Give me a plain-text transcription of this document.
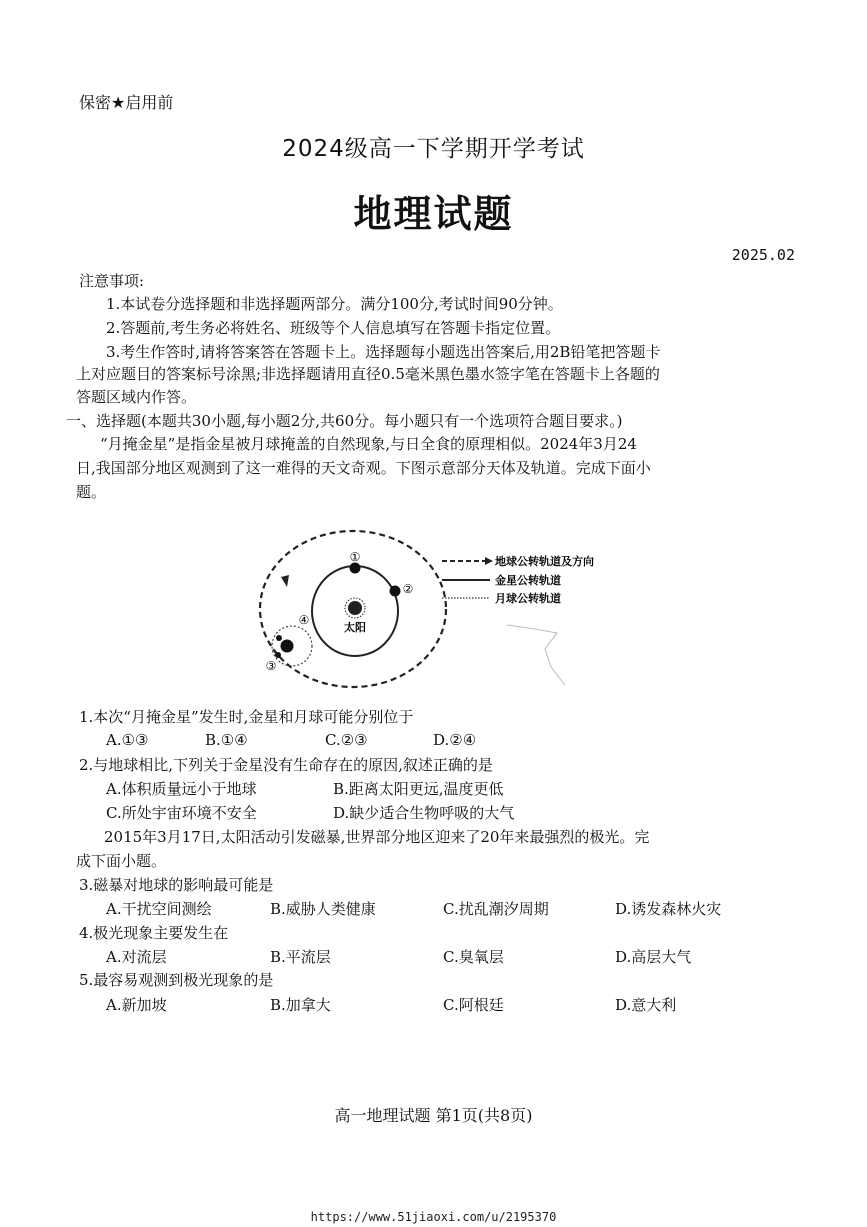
保密★启用前
2024级高一下学期开学考试
地理试题
2025.02
注意事项:
1.本试卷分选择题和非选择题两部分。满分100分,考试时间90分钟。
2.答题前,考生务必将姓名、班级等个人信息填写在答题卡指定位置。
3.考生作答时,请将答案答在答题卡上。选择题每小题选出答案后,用2B铅笔把答题卡
上对应题目的答案标号涂黑;非选择题请用直径0.5毫米黑色墨水签字笔在答题卡上各题的
答题区域内作答。
一、选择题(本题共30小题,每小题2分,共60分。每小题只有一个选项符合题目要求。)
“月掩金星”是指金星被月球掩盖的自然现象,与日全食的原理相似。2024年3月24
日,我国部分地区观测到了这一难得的天文奇观。下图示意部分天体及轨道。完成下面小
题。
太阳
①
②
③
④
地球公转轨道及方向
金星公转轨道
月球公转轨道
1.本次“月掩金星”发生时,金星和月球可能分别位于
A.①③	B.①④	C.②③	D.②④
2.与地球相比,下列关于金星没有生命存在的原因,叙述正确的是
A.体积质量远小于地球	B.距离太阳更远,温度更低
C.所处宇宙环境不安全	D.缺少适合生物呼吸的大气
2015年3月17日,太阳活动引发磁暴,世界部分地区迎来了20年来最强烈的极光。完
成下面小题。
3.磁暴对地球的影响最可能是
A.干扰空间测绘	B.威胁人类健康	C.扰乱潮汐周期	D.诱发森林火灾
4.极光现象主要发生在
A.对流层	B.平流层	C.臭氧层	D.高层大气
5.最容易观测到极光现象的是
A.新加坡	B.加拿大	C.阿根廷	D.意大利
高一地理试题 第1页(共8页)
https://www.51jiaoxi.com/u/2195370
